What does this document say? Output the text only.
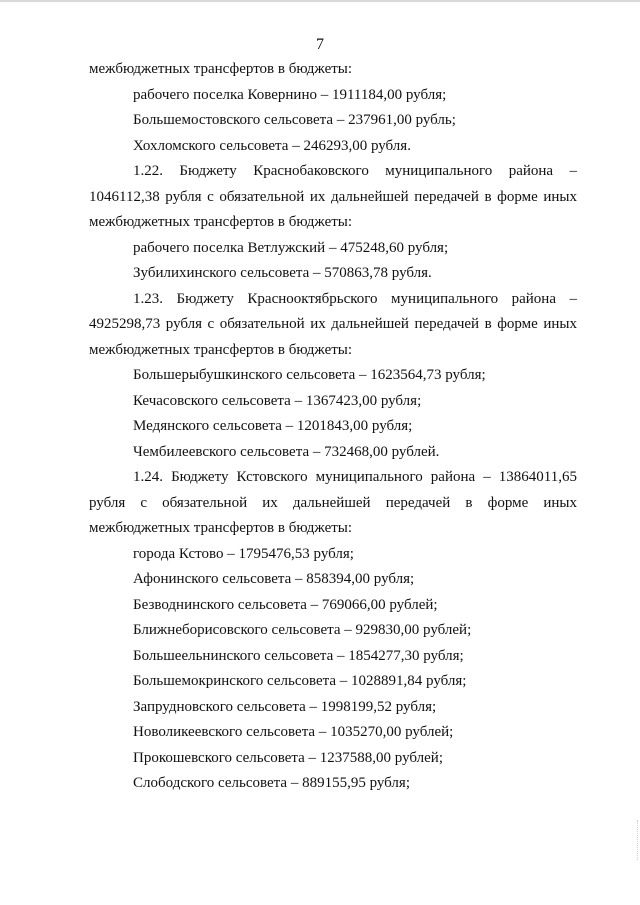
7

межбюджетных трансфертов в бюджеты:

рабочего поселка Ковернино – 1911184,00 рубля;

Большемостовского сельсовета – 237961,00 рубль;

Хохломского сельсовета – 246293,00 рубля.

1.22. Бюджету Краснобаковского муниципального района – 1046112,38 рубля с обязательной их дальнейшей передачей в форме иных межбюджетных трансфертов в бюджеты:

рабочего поселка Ветлужский – 475248,60 рубля;

Зубилихинского сельсовета – 570863,78 рубля.

1.23. Бюджету Краснооктябрьского муниципального района – 4925298,73 рубля с обязательной их дальнейшей передачей в форме иных межбюджетных трансфертов в бюджеты:

Большерыбушкинского сельсовета – 1623564,73 рубля;

Кечасовского сельсовета – 1367423,00 рубля;

Медянского сельсовета – 1201843,00 рубля;

Чембилеевского сельсовета – 732468,00 рублей.

1.24. Бюджету Кстовского муниципального района – 13864011,65 рубля с обязательной их дальнейшей передачей в форме иных межбюджетных трансфертов в бюджеты:

города Кстово – 1795476,53 рубля;

Афонинского сельсовета – 858394,00 рубля;

Безводнинского сельсовета – 769066,00 рублей;

Ближнеборисовского сельсовета – 929830,00 рублей;

Большеельнинского сельсовета – 1854277,30 рубля;

Большемокринского сельсовета – 1028891,84 рубля;

Запрудновского сельсовета – 1998199,52 рубля;

Новоликеевского сельсовета – 1035270,00 рублей;

Прокошевского сельсовета – 1237588,00 рублей;

Слободского сельсовета – 889155,95 рубля;
